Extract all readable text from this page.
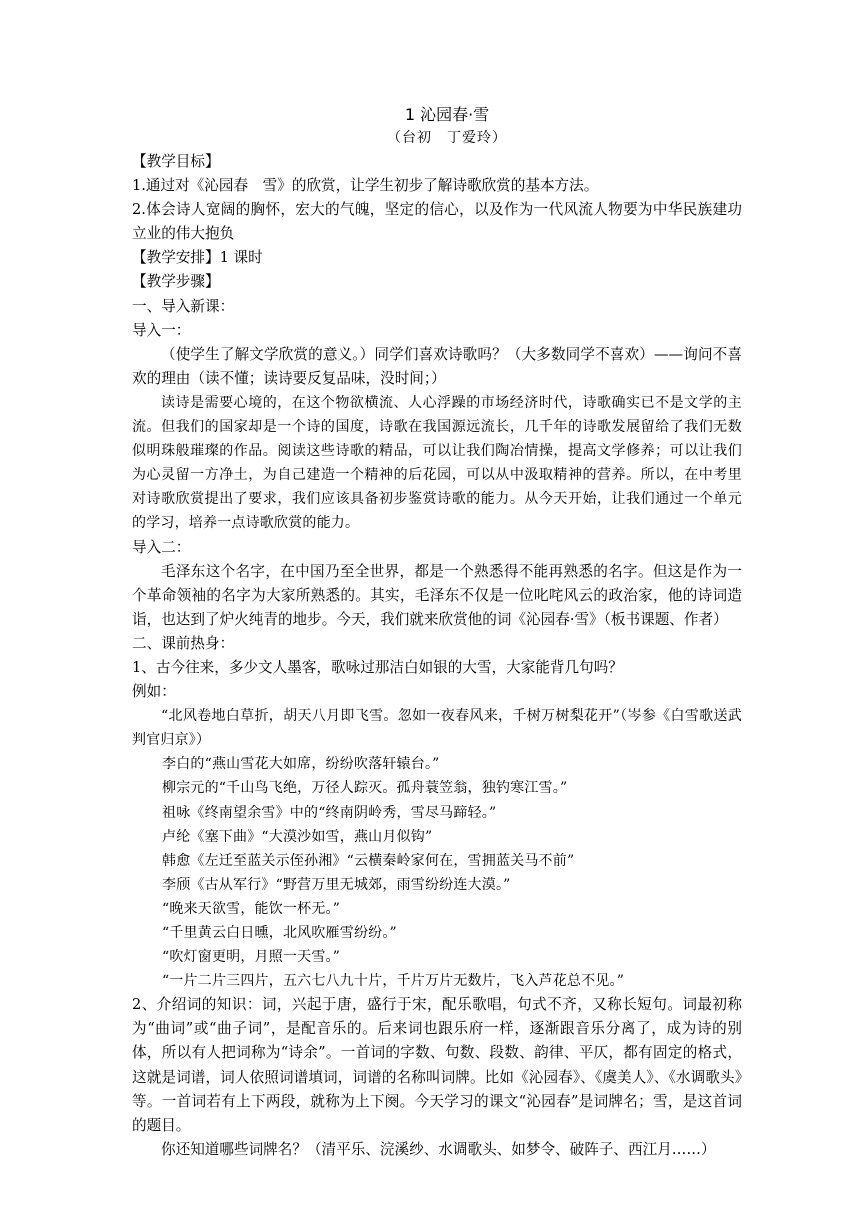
1 沁园春·雪
（台初　丁爱玲）
【教学目标】
1.通过对《沁园春　雪》的欣赏，让学生初步了解诗歌欣赏的基本方法。
2.体会诗人宽阔的胸怀，宏大的气魄，坚定的信心，以及作为一代风流人物要为中华民族建功立业的伟大抱负
【教学安排】1 课时
【教学步骤】
一、导入新课：
导入一：
（使学生了解文学欣赏的意义。）同学们喜欢诗歌吗？（大多数同学不喜欢）——询问不喜欢的理由（读不懂；读诗要反复品味，没时间；）
读诗是需要心境的，在这个物欲横流、人心浮躁的市场经济时代，诗歌确实已不是文学的主流。但我们的国家却是一个诗的国度，诗歌在我国源远流长，几千年的诗歌发展留给了我们无数似明珠般璀璨的作品。阅读这些诗歌的精品，可以让我们陶冶情操，提高文学修养；可以让我们为心灵留一方净土，为自己建造一个精神的后花园，可以从中汲取精神的营养。所以，在中考里对诗歌欣赏提出了要求，我们应该具备初步鉴赏诗歌的能力。从今天开始，让我们通过一个单元的学习，培养一点诗歌欣赏的能力。
导入二：
毛泽东这个名字，在中国乃至全世界，都是一个熟悉得不能再熟悉的名字。但这是作为一个革命领袖的名字为大家所熟悉的。其实，毛泽东不仅是一位叱咤风云的政治家，他的诗词造诣，也达到了炉火纯青的地步。今天，我们就来欣赏他的词《沁园春·雪》（板书课题、作者）
二、课前热身：
1、古今往来，多少文人墨客，歌咏过那洁白如银的大雪，大家能背几句吗？
例如：
“北风卷地白草折，胡天八月即飞雪。忽如一夜春风来，千树万树梨花开”（岑参《白雪歌送武判官归京》）
李白的“燕山雪花大如席，纷纷吹落轩辕台。”
柳宗元的“千山鸟飞绝，万径人踪灭。孤舟蓑笠翁，独钓寒江雪。”
祖咏《终南望余雪》中的“终南阴岭秀，雪尽马蹄轻。”
卢纶《塞下曲》“大漠沙如雪，燕山月似钩”
韩愈《左迁至蓝关示侄孙湘》“云横秦岭家何在，雪拥蓝关马不前”
李颀《古从军行》“野营万里无城郊，雨雪纷纷连大漠。”
“晚来天欲雪，能饮一杯无。”
“千里黄云白日曛，北风吹雁雪纷纷。”
“吹灯窗更明，月照一天雪。”
“一片二片三四片，五六七八九十片，千片万片无数片，飞入芦花总不见。”
2、介绍词的知识：词，兴起于唐，盛行于宋，配乐歌唱，句式不齐，又称长短句。词最初称为“曲词”或“曲子词”，是配音乐的。后来词也跟乐府一样，逐渐跟音乐分离了，成为诗的别体，所以有人把词称为“诗余”。一首词的字数、句数、段数、韵律、平仄，都有固定的格式，这就是词谱，词人依照词谱填词，词谱的名称叫词牌。比如《沁园春》、《虞美人》、《水调歌头》等。一首词若有上下两段，就称为上下阕。今天学习的课文“沁园春”是词牌名；雪，是这首词的题目。
你还知道哪些词牌名？（清平乐、浣溪纱、水调歌头、如梦令、破阵子、西江月……）
